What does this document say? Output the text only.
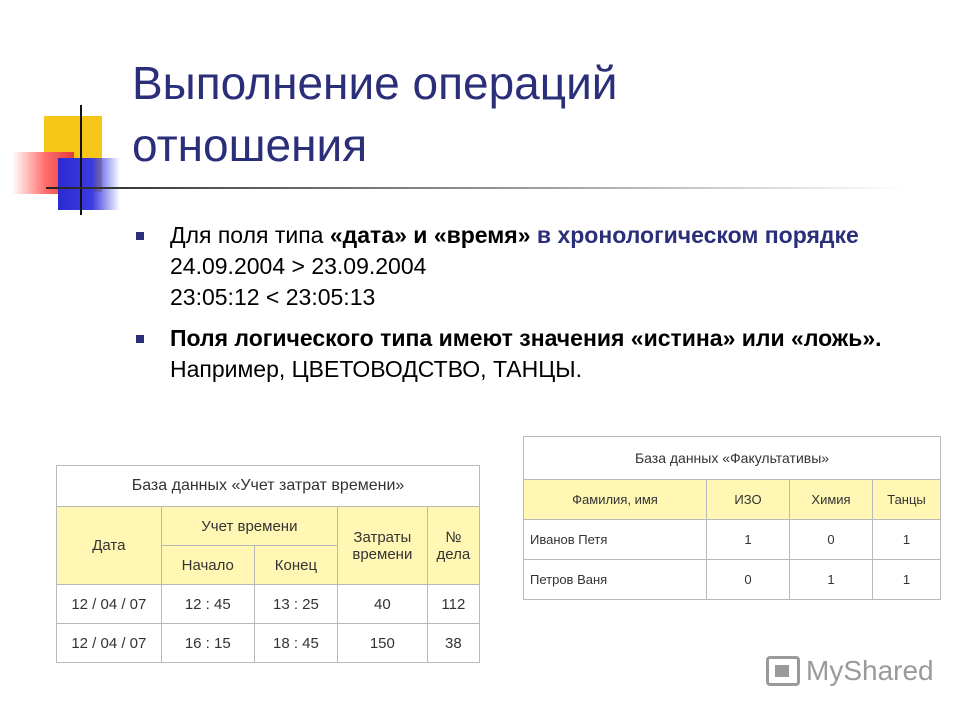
Выполнение операций
отношения
Для поля типа «дата» и «время» в хронологическом порядке
24.09.2004 > 23.09.2004
23:05:12 < 23:05:13
Поля логического типа имеют значения «истина» или «ложь». Например, ЦВЕТОВОДСТВО, ТАНЦЫ.
База данных «Учет затрат времени»				
Дата	Учет времени		Затраты времени	№ дела
	Начало	Конец		
12 / 04 / 07	12 : 45	13 : 25	40	112
12 / 04 / 07	16 : 15	18 : 45	150	38
База данных «Факультативы»			
Фамилия, имя	ИЗО	Химия	Танцы
Иванов Петя	1	0	1
Петров Ваня	0	1	1
MyShared
